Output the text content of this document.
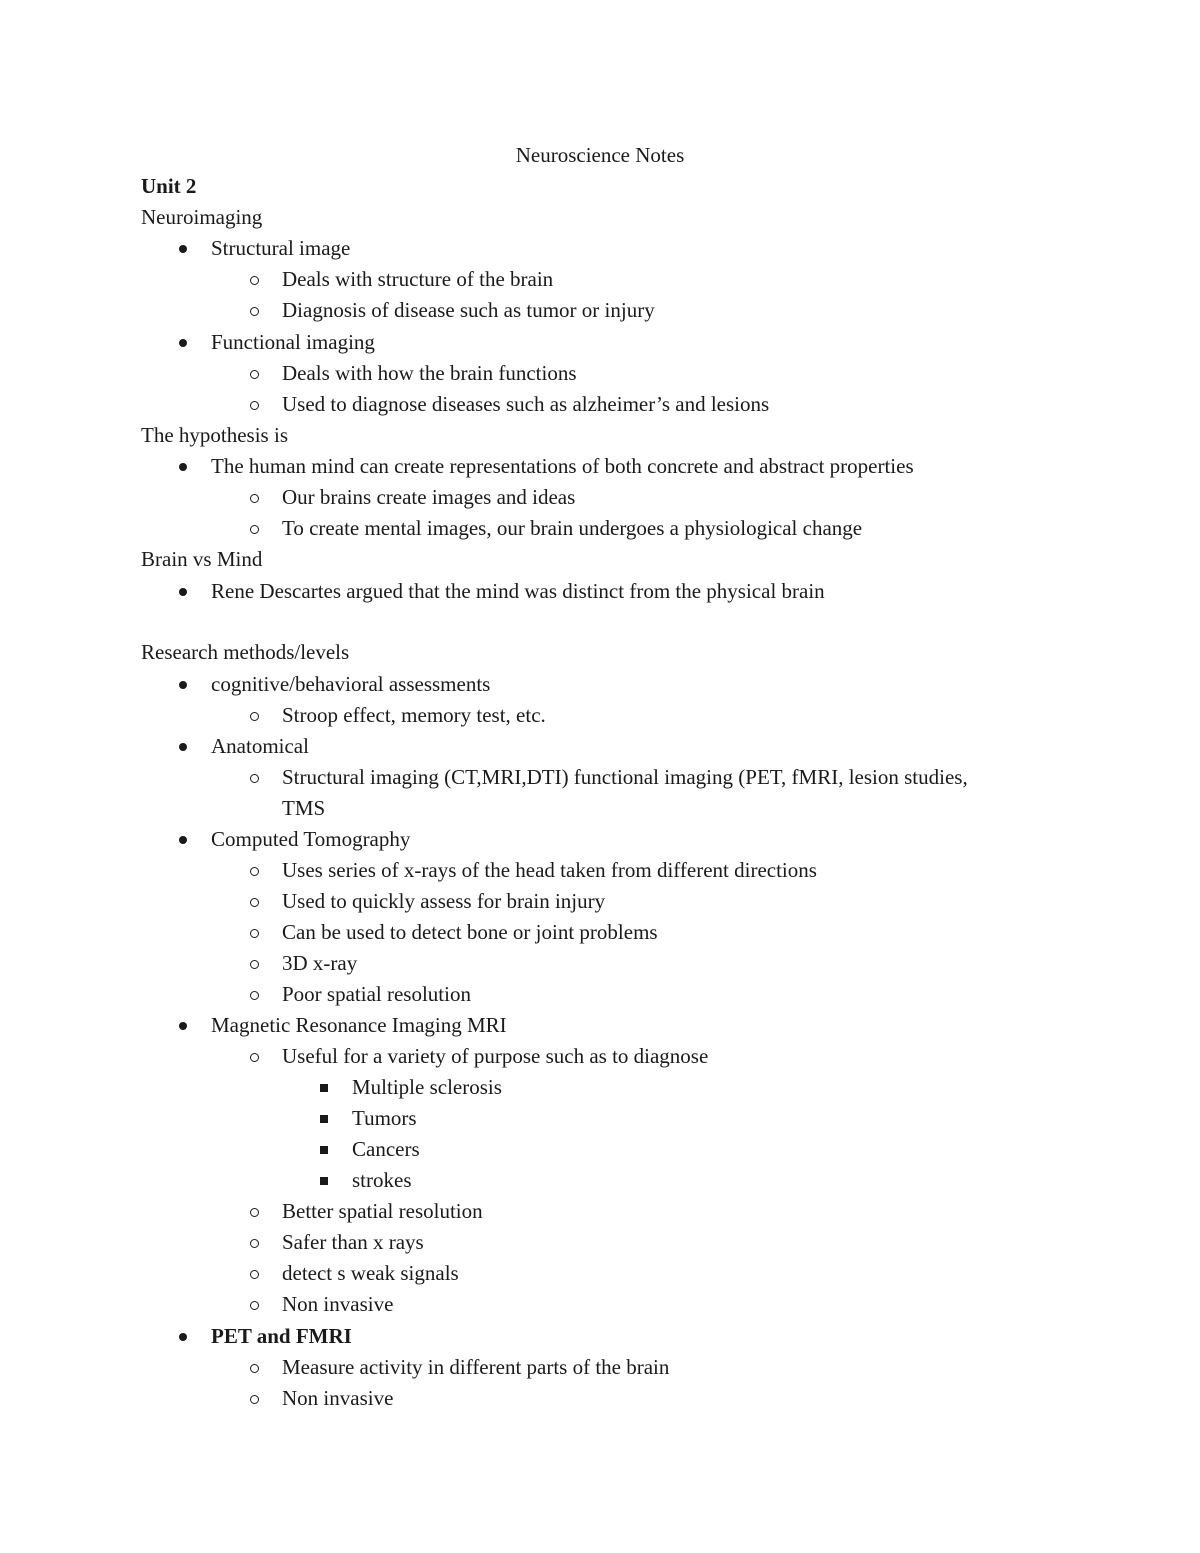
Neuroscience Notes
Unit 2
Neuroimaging
Structural image
Deals with structure of the brain
Diagnosis of disease such as tumor or injury
Functional imaging
Deals with how the brain functions
Used to diagnose diseases such as alzheimer’s and lesions
The hypothesis is
The human mind can create representations of both concrete and abstract properties
Our brains create images and ideas
To create mental images, our brain undergoes a physiological change
Brain vs Mind
Rene Descartes argued that the mind was distinct from the physical brain
Research methods/levels
cognitive/behavioral assessments
Stroop effect, memory test, etc.
Anatomical
Structural imaging (CT,MRI,DTI) functional imaging (PET, fMRI, lesion studies,
TMS
Computed Tomography
Uses series of x-rays of the head taken from different directions
Used to quickly assess for brain injury
Can be used to detect bone or joint problems
3D x-ray
Poor spatial resolution
Magnetic Resonance Imaging MRI
Useful for a variety of purpose such as to diagnose
Multiple sclerosis
Tumors
Cancers
strokes
Better spatial resolution
Safer than x rays
detect s weak signals
Non invasive
PET and FMRI
Measure activity in different parts of the brain
Non invasive
